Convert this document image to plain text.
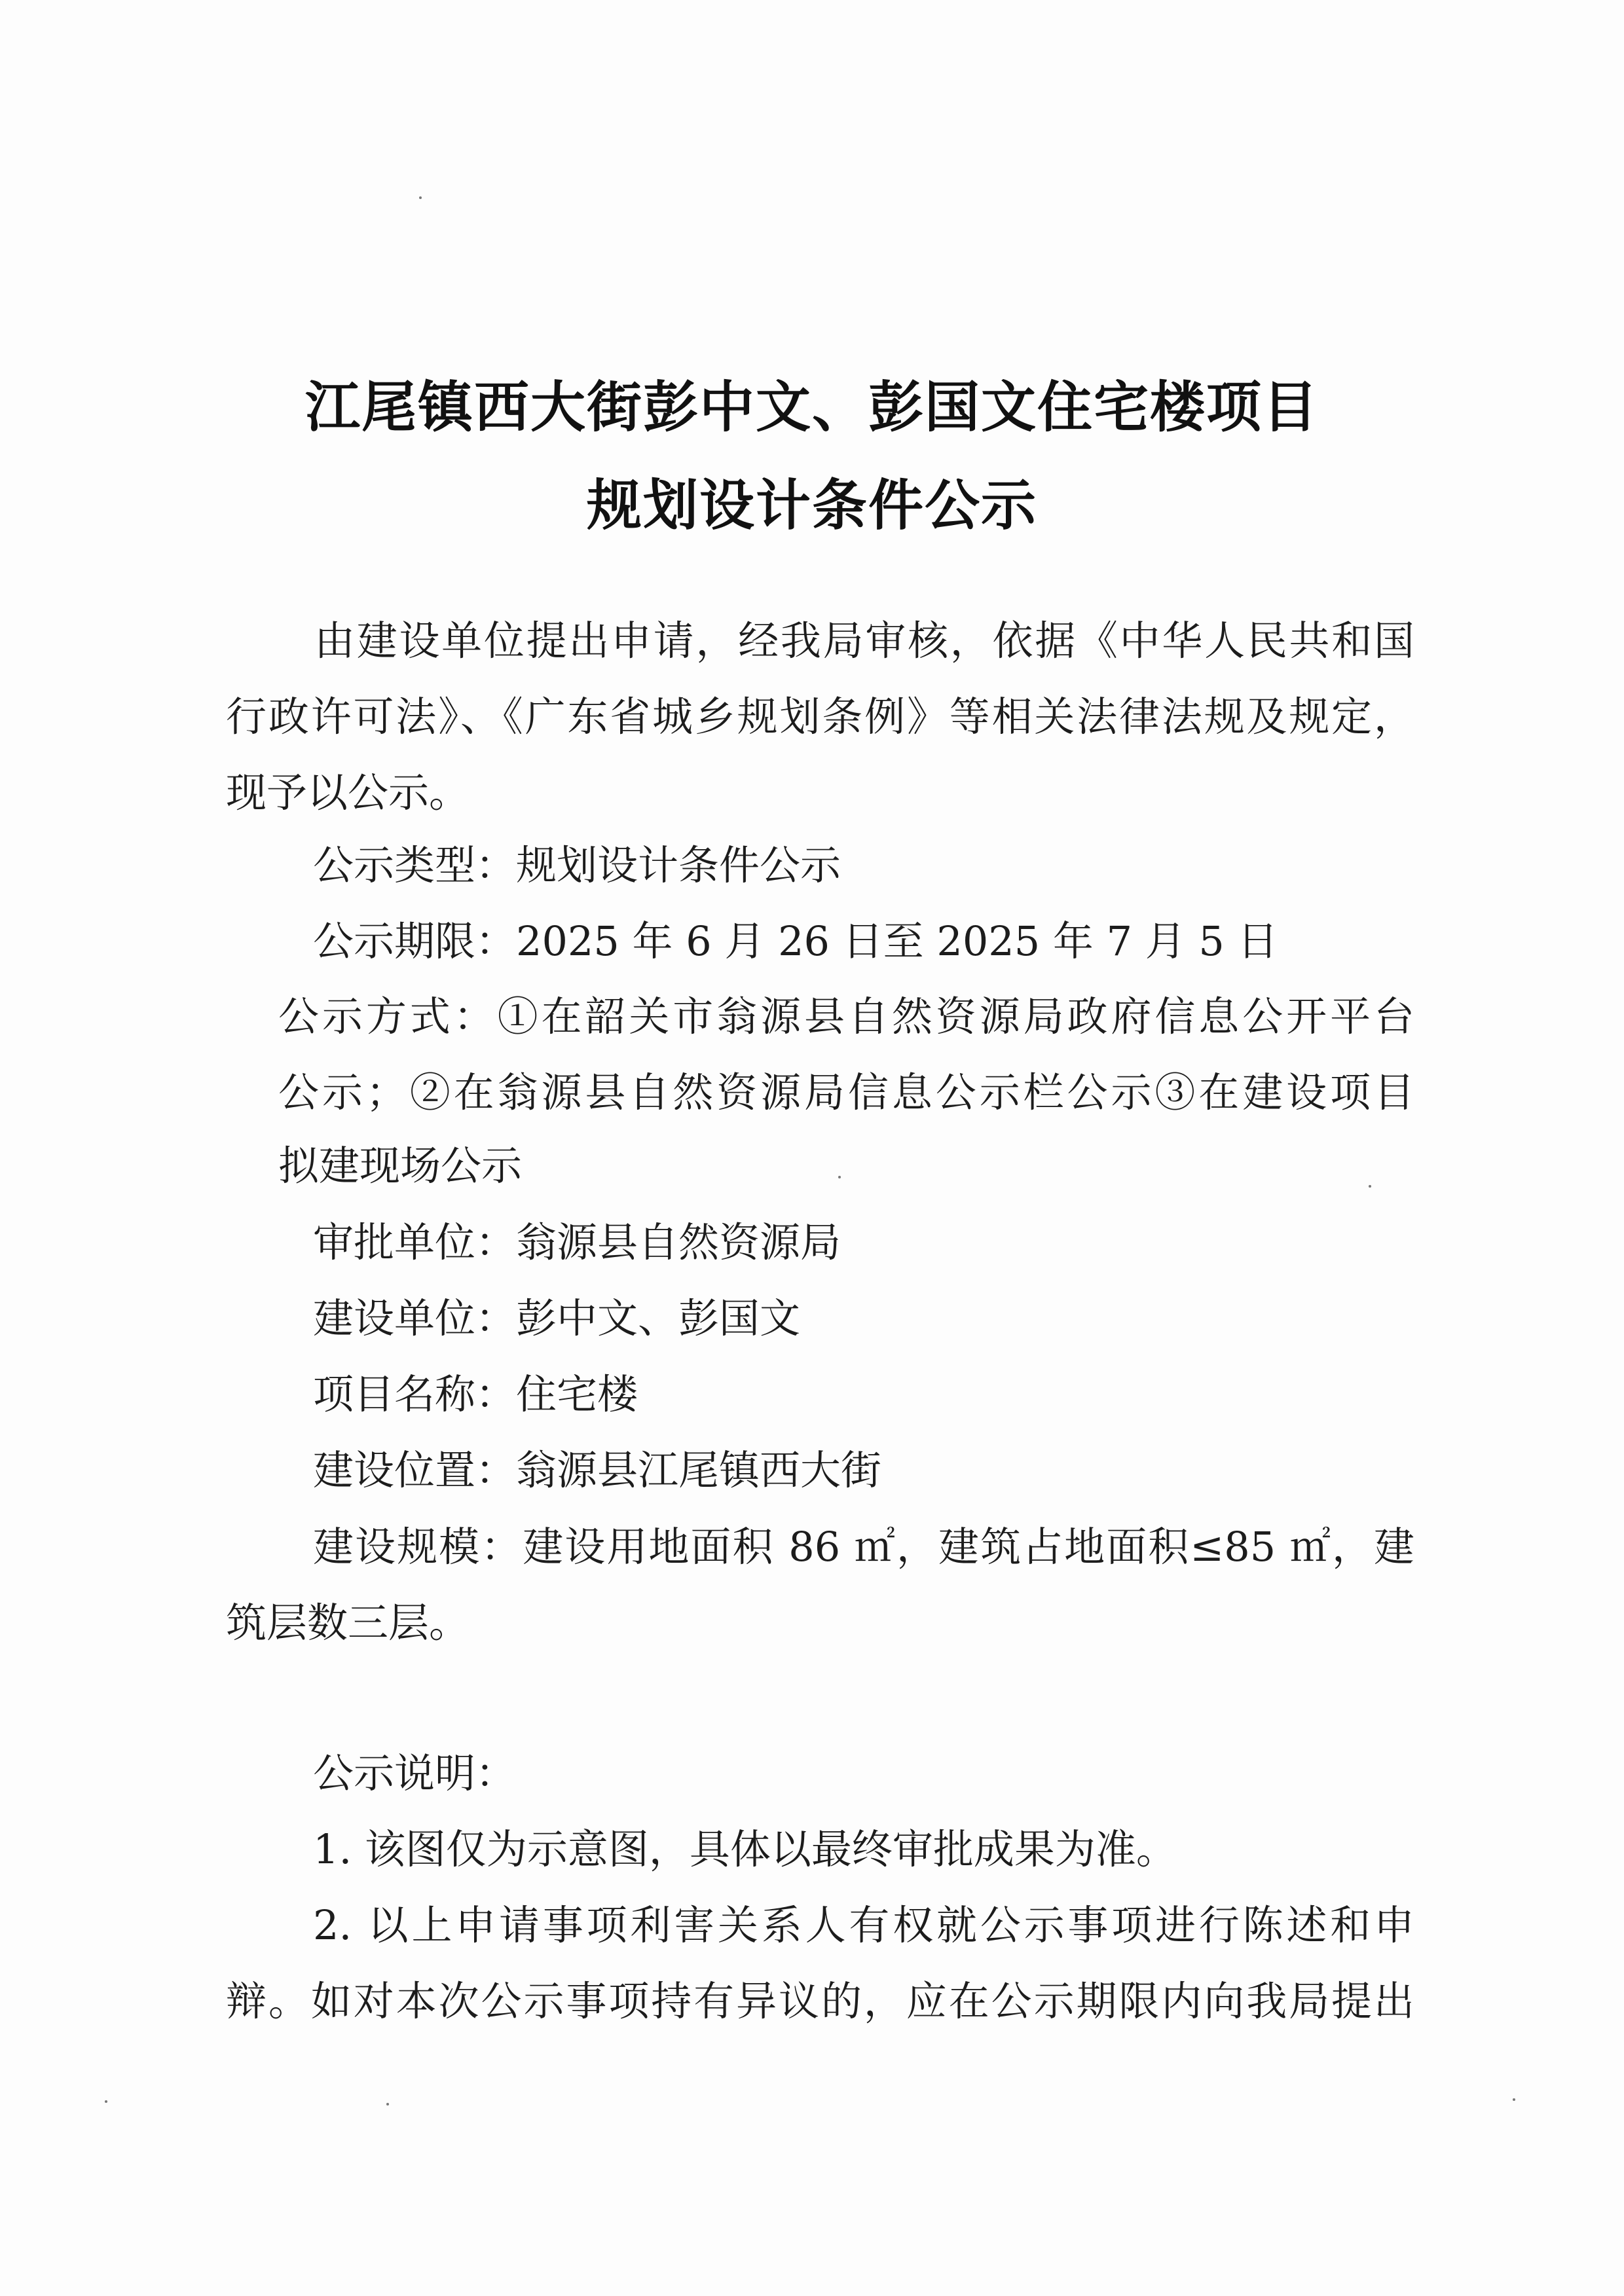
江尾镇西大街彭中文、彭国文住宅楼项目
规划设计条件公示
由建设单位提出申请，经我局审核，依据《中华人民共和国
行政许可法》、《广东省城乡规划条例》等相关法律法规及规定，
现予以公示。
公示类型：规划设计条件公示
公示期限：2025 年 6 月 26 日至 2025 年 7 月 5 日
公示方式：①在韶关市翁源县自然资源局政府信息公开平台
公示；②在翁源县自然资源局信息公示栏公示③在建设项目
拟建现场公示
审批单位：翁源县自然资源局
建设单位：彭中文、彭国文
项目名称：住宅楼
建设位置：翁源县江尾镇西大街
建设规模：建设用地面积 86 ㎡，建筑占地面积≤85 ㎡，建
筑层数三层。
公示说明：
1. 该图仅为示意图，具体以最终审批成果为准。
2. 以上申请事项利害关系人有权就公示事项进行陈述和申
辩。如对本次公示事项持有异议的，应在公示期限内向我局提出
